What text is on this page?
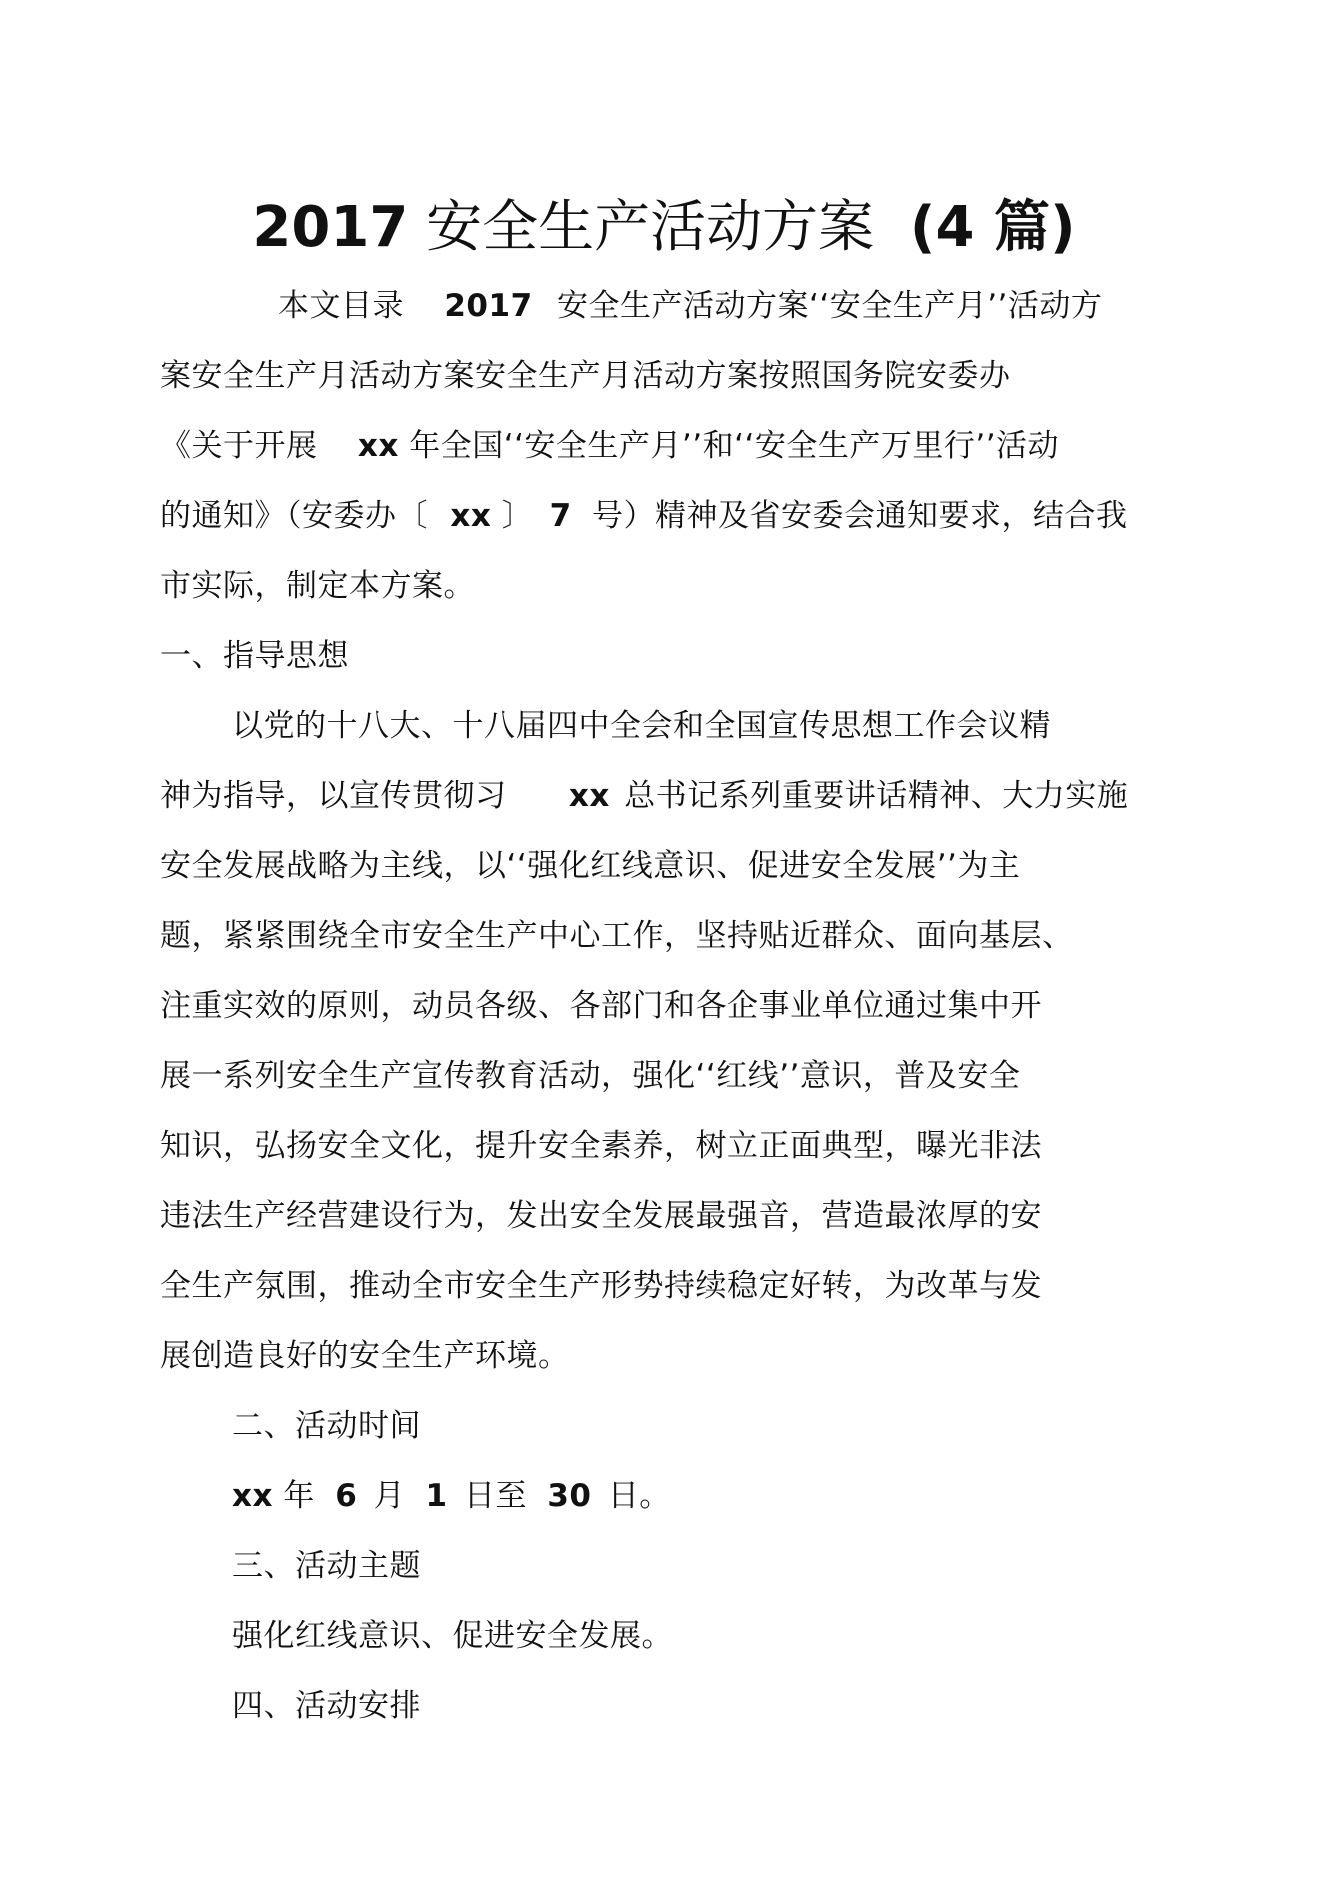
2017 安全生产活动方案 (4 篇)
本文目录 2017 安全生产活动方案‘‘安全生产月’’活动方
案安全生产月活动方案安全生产月活动方案按照国务院安委办
《关于开展 xx 年全国‘‘安全生产月’’和‘‘安全生产万里行’’活动
的通知》（安委办〔 xx 〕 7 号）精神及省安委会通知要求，结合我
市实际，制定本方案。
一、指导思想
以党的十八大、十八届四中全会和全国宣传思想工作会议精
神为指导，以宣传贯彻习 xx 总书记系列重要讲话精神、大力实施
安全发展战略为主线，以‘‘强化红线意识、促进安全发展’’为主
题，紧紧围绕全市安全生产中心工作，坚持贴近群众、面向基层、
注重实效的原则，动员各级、各部门和各企事业单位通过集中开
展一系列安全生产宣传教育活动，强化‘‘红线’’意识，普及安全
知识，弘扬安全文化，提升安全素养，树立正面典型，曝光非法
违法生产经营建设行为，发出安全发展最强音，营造最浓厚的安
全生产氛围，推动全市安全生产形势持续稳定好转，为改革与发
展创造良好的安全生产环境。
二、活动时间
xx 年 6 月 1 日至 30 日。
三、活动主题
强化红线意识、促进安全发展。
四、活动安排
